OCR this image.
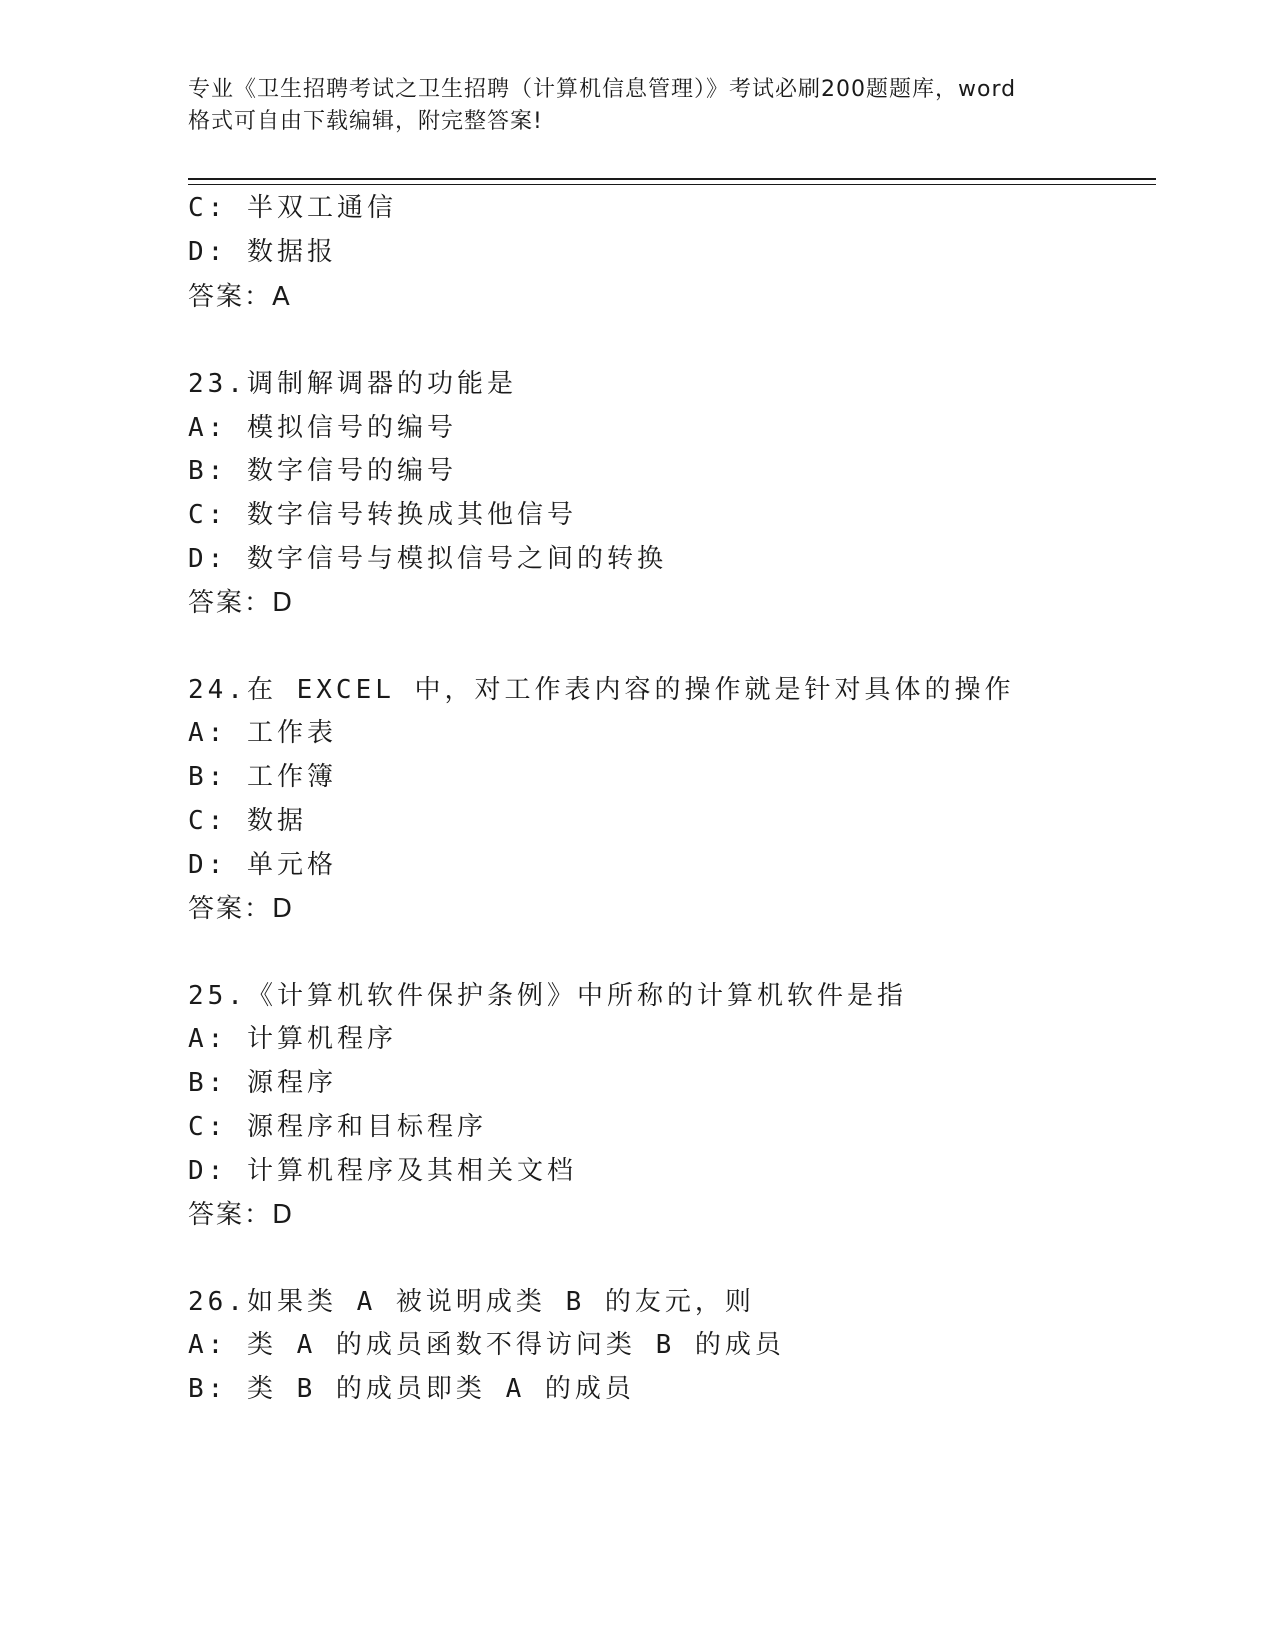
专业《卫生招聘考试之卫生招聘（计算机信息管理）》考试必刷200题题库，word
格式可自由下载编辑，附完整答案!
C: 半双工通信
D: 数据报
答案：A
23.调制解调器的功能是
A: 模拟信号的编号
B: 数字信号的编号
C: 数字信号转换成其他信号
D: 数字信号与模拟信号之间的转换
答案：D
24.在 EXCEL 中，对工作表内容的操作就是针对具体的操作
A: 工作表
B: 工作簿
C: 数据
D: 单元格
答案：D
25.《计算机软件保护条例》中所称的计算机软件是指
A: 计算机程序
B: 源程序
C: 源程序和目标程序
D: 计算机程序及其相关文档
答案：D
26.如果类 A 被说明成类 B 的友元，则
A: 类 A 的成员函数不得访问类 B 的成员
B: 类 B 的成员即类 A 的成员
